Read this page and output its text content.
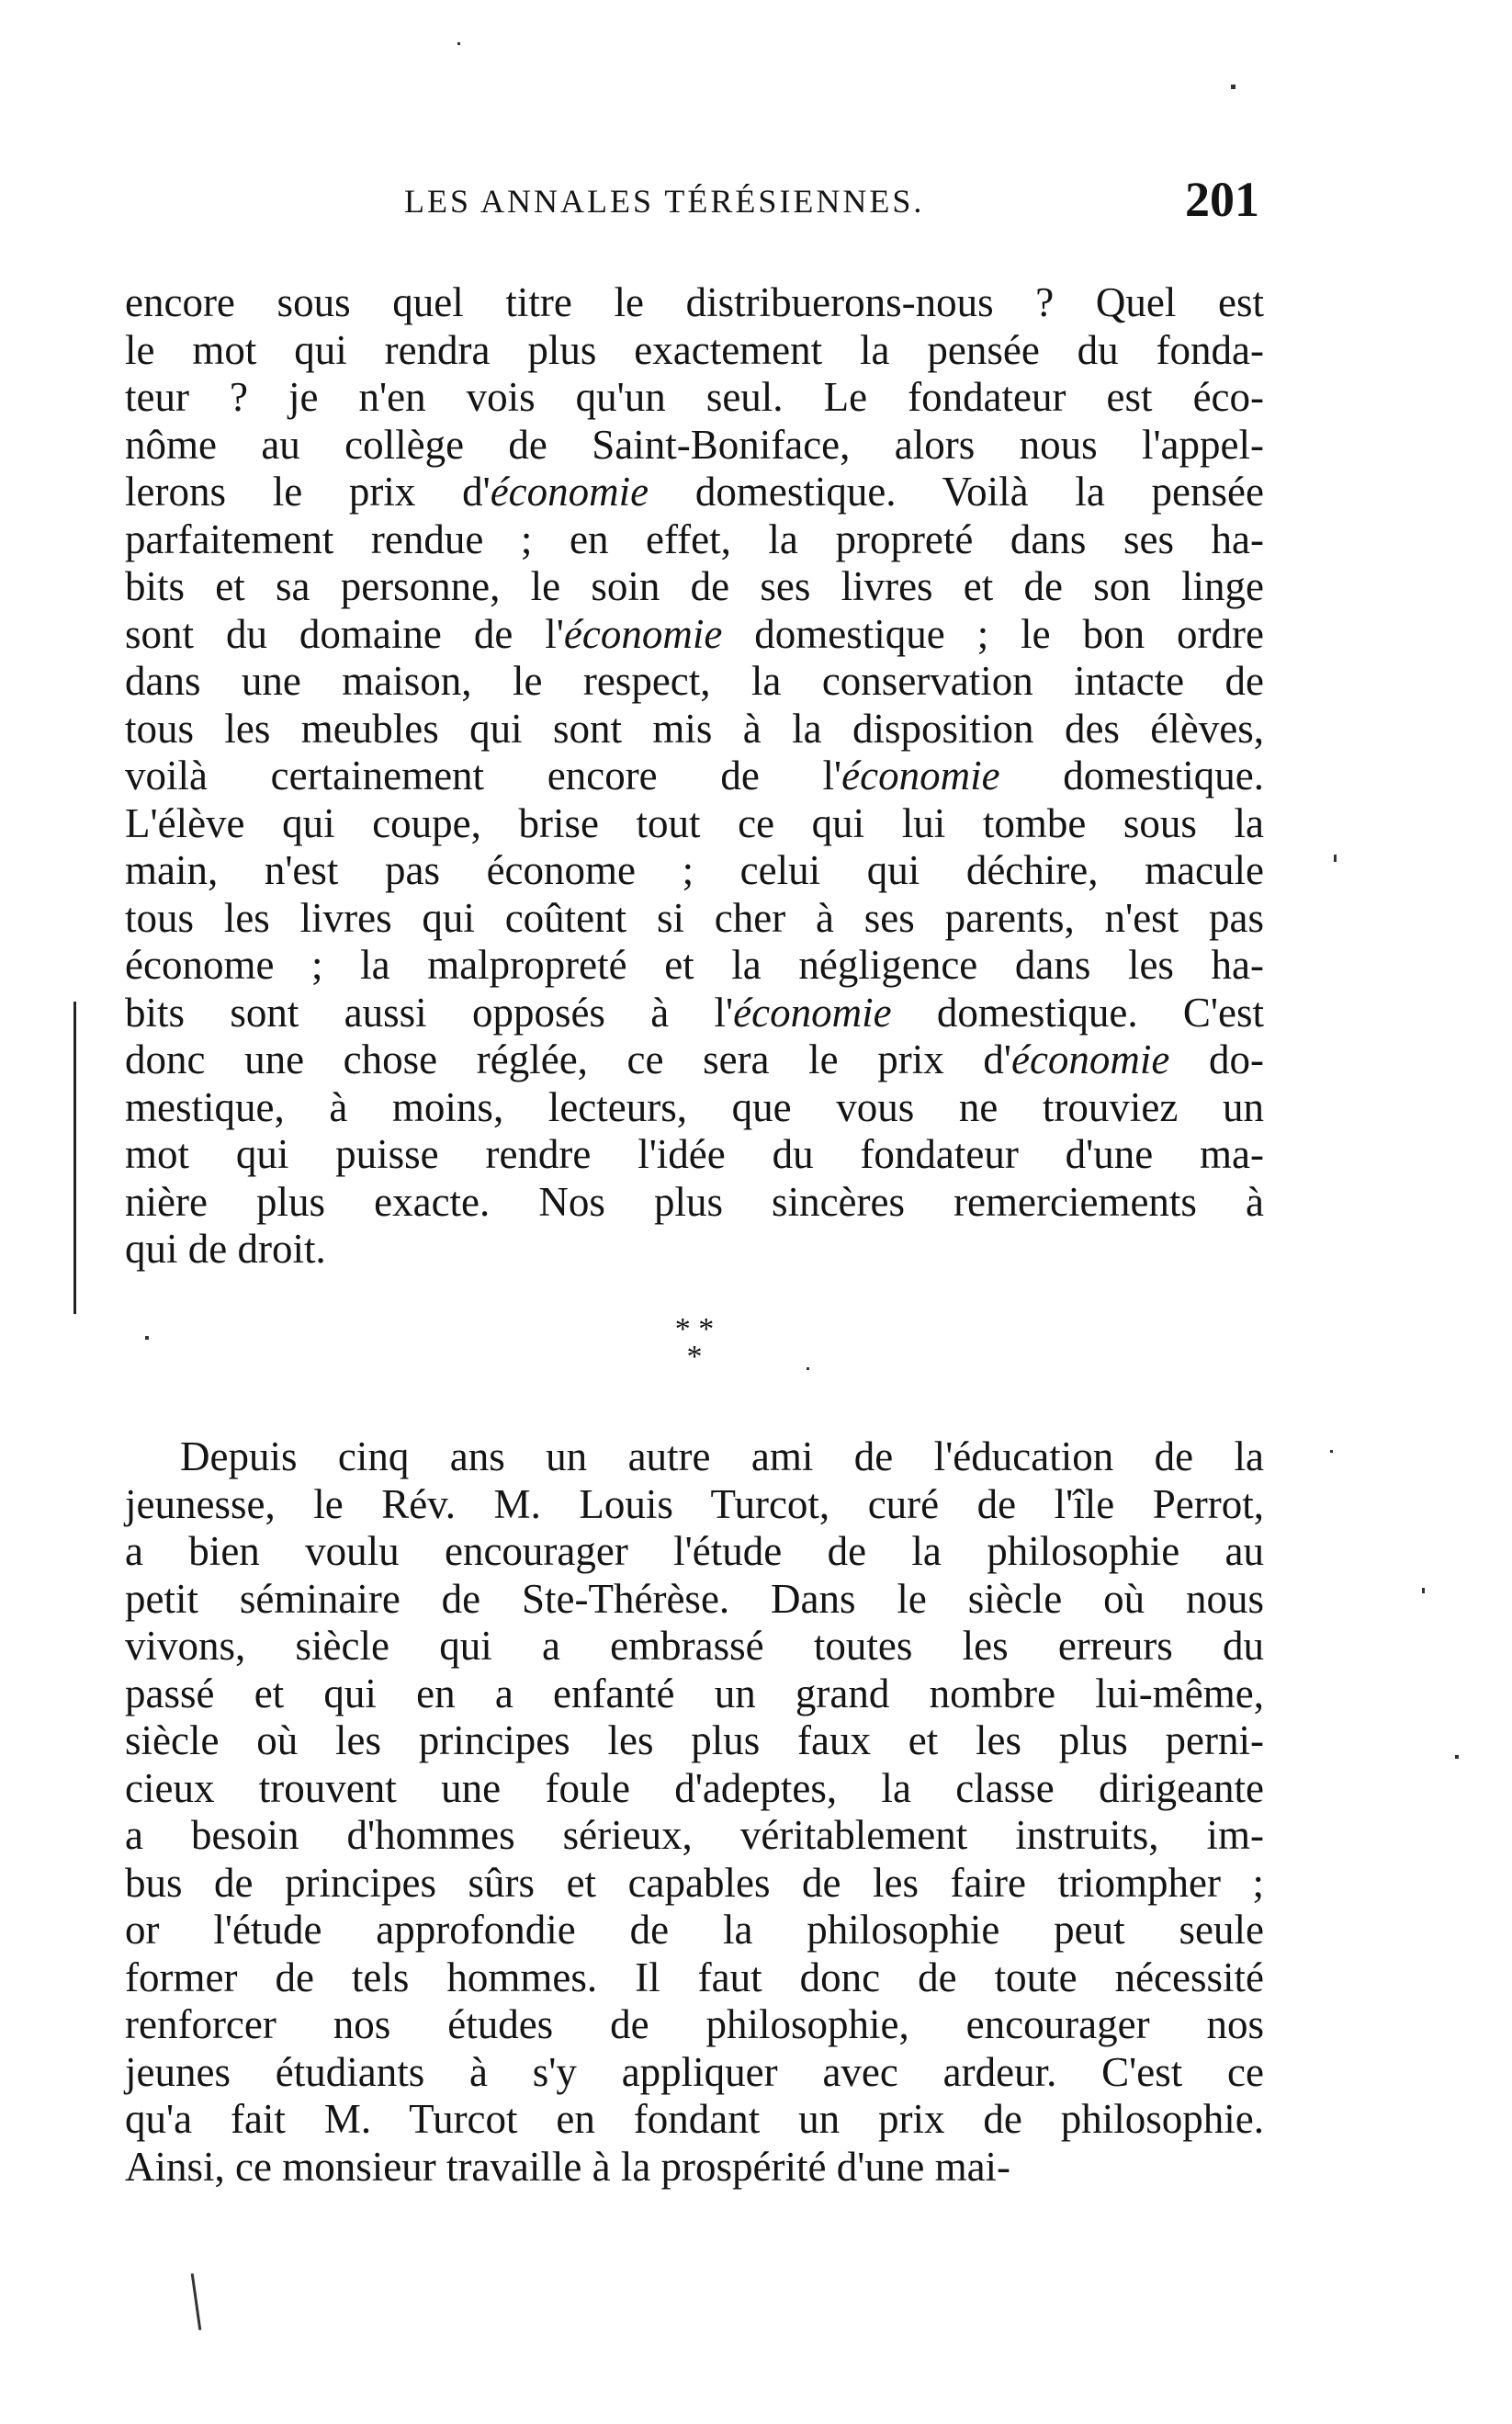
LES ANNALES TÉRÉSIENNES.	201
encore sous quel titre le distribuerons-nous ? Quel est
le mot qui rendra plus exactement la pensée du fonda-
teur ? je n'en vois qu'un seul. Le fondateur est éco-
nôme au collège de Saint-Boniface, alors nous l'appel-
lerons le prix d'économie domestique. Voilà la pensée
parfaitement rendue ; en effet, la propreté dans ses ha-
bits et sa personne, le soin de ses livres et de son linge
sont du domaine de l'économie domestique ; le bon ordre
dans une maison, le respect, la conservation intacte de
tous les meubles qui sont mis à la disposition des élèves,
voilà certainement encore de l'économie domestique.
L'élève qui coupe, brise tout ce qui lui tombe sous la
main, n'est pas économe ; celui qui déchire, macule
tous les livres qui coûtent si cher à ses parents, n'est pas
économe ; la malpropreté et la négligence dans les ha-
bits sont aussi opposés à l'économie domestique. C'est
donc une chose réglée, ce sera le prix d'économie do-
mestique, à moins, lecteurs, que vous ne trouviez un
mot qui puisse rendre l'idée du fondateur d'une ma-
nière plus exacte. Nos plus sincères remerciements à
qui de droit.
* *
*
Depuis cinq ans un autre ami de l'éducation de la
jeunesse, le Rév. M. Louis Turcot, curé de l'île Perrot,
a bien voulu encourager l'étude de la philosophie au
petit séminaire de Ste-Thérèse. Dans le siècle où nous
vivons, siècle qui a embrassé toutes les erreurs du
passé et qui en a enfanté un grand nombre lui-même,
siècle où les principes les plus faux et les plus perni-
cieux trouvent une foule d'adeptes, la classe dirigeante
a besoin d'hommes sérieux, véritablement instruits, im-
bus de principes sûrs et capables de les faire triompher ;
or l'étude approfondie de la philosophie peut seule
former de tels hommes. Il faut donc de toute nécessité
renforcer nos études de philosophie, encourager nos
jeunes étudiants à s'y appliquer avec ardeur. C'est ce
qu'a fait M. Turcot en fondant un prix de philosophie.
Ainsi, ce monsieur travaille à la prospérité d'une mai-
